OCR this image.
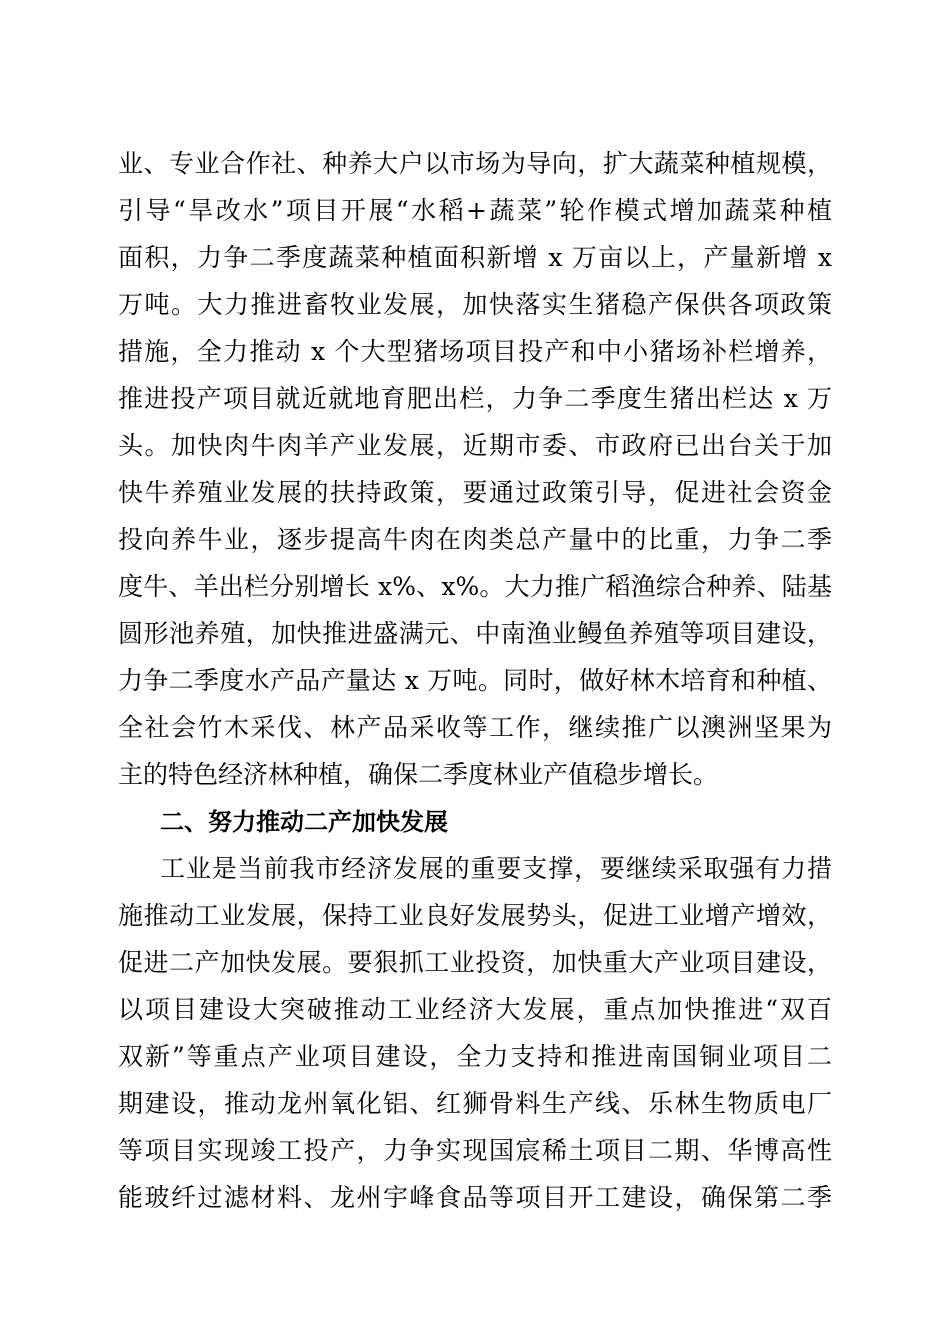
业、专业合作社、种养大户以市场为导向，扩大蔬菜种植规模，
引导“旱改水”项目开展“水稻+蔬菜”轮作模式增加蔬菜种植
面积，力争二季度蔬菜种植面积新增 x 万亩以上，产量新增 x
万吨。大力推进畜牧业发展，加快落实生猪稳产保供各项政策
措施，全力推动 x 个大型猪场项目投产和中小猪场补栏增养，
推进投产项目就近就地育肥出栏，力争二季度生猪出栏达 x 万
头。加快肉牛肉羊产业发展，近期市委、市政府已出台关于加
快牛养殖业发展的扶持政策，要通过政策引导，促进社会资金
投向养牛业，逐步提高牛肉在肉类总产量中的比重，力争二季
度牛、羊出栏分别增长 x%、x%。大力推广稻渔综合种养、陆基
圆形池养殖，加快推进盛满元、中南渔业鳗鱼养殖等项目建设，
力争二季度水产品产量达 x 万吨。同时，做好林木培育和种植、
全社会竹木采伐、林产品采收等工作，继续推广以澳洲坚果为
主的特色经济林种植，确保二季度林业产值稳步增长。
二、努力推动二产加快发展
工业是当前我市经济发展的重要支撑，要继续采取强有力措
施推动工业发展，保持工业良好发展势头，促进工业增产增效，
促进二产加快发展。要狠抓工业投资，加快重大产业项目建设，
以项目建设大突破推动工业经济大发展，重点加快推进“双百
双新”等重点产业项目建设，全力支持和推进南国铜业项目二
期建设，推动龙州氧化铝、红狮骨料生产线、乐林生物质电厂
等项目实现竣工投产，力争实现国宸稀土项目二期、华博高性
能玻纤过滤材料、龙州宇峰食品等项目开工建设，确保第二季
